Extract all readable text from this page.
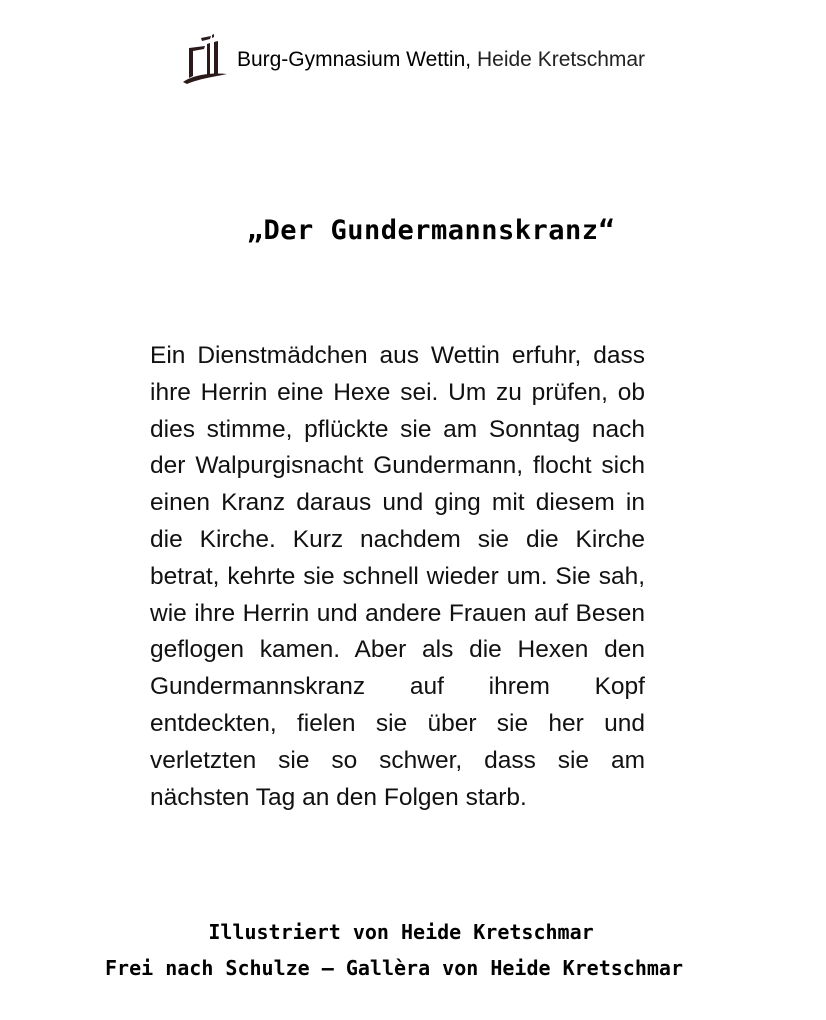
Burg-Gymnasium Wettin ,
Heide Kretschmar
„Der Gundermannskranz“

Ein Dienstmädchen aus Wettin erfuhr, dass ihre Herrin eine Hexe sei. Um zu prüfen, ob dies stimme, pflückte sie am Sonntag nach der Walpurgisnacht Gundermann, flocht sich einen Kranz daraus und ging mit diesem in die Kirche. Kurz nachdem sie die Kirche betrat, kehrte sie schnell wieder um. Sie sah, wie ihre Herrin und andere Frauen auf Besen geflogen kamen. Aber als die Hexen den Gundermannskranz auf ihrem Kopf entdeckten, fielen sie über sie her und verletzten sie so schwer, dass sie am nächsten Tag an den Folgen starb.

Illustriert von Heide Kretschmar
Frei nach Schulze – Gallèra von Heide Kretschmar
